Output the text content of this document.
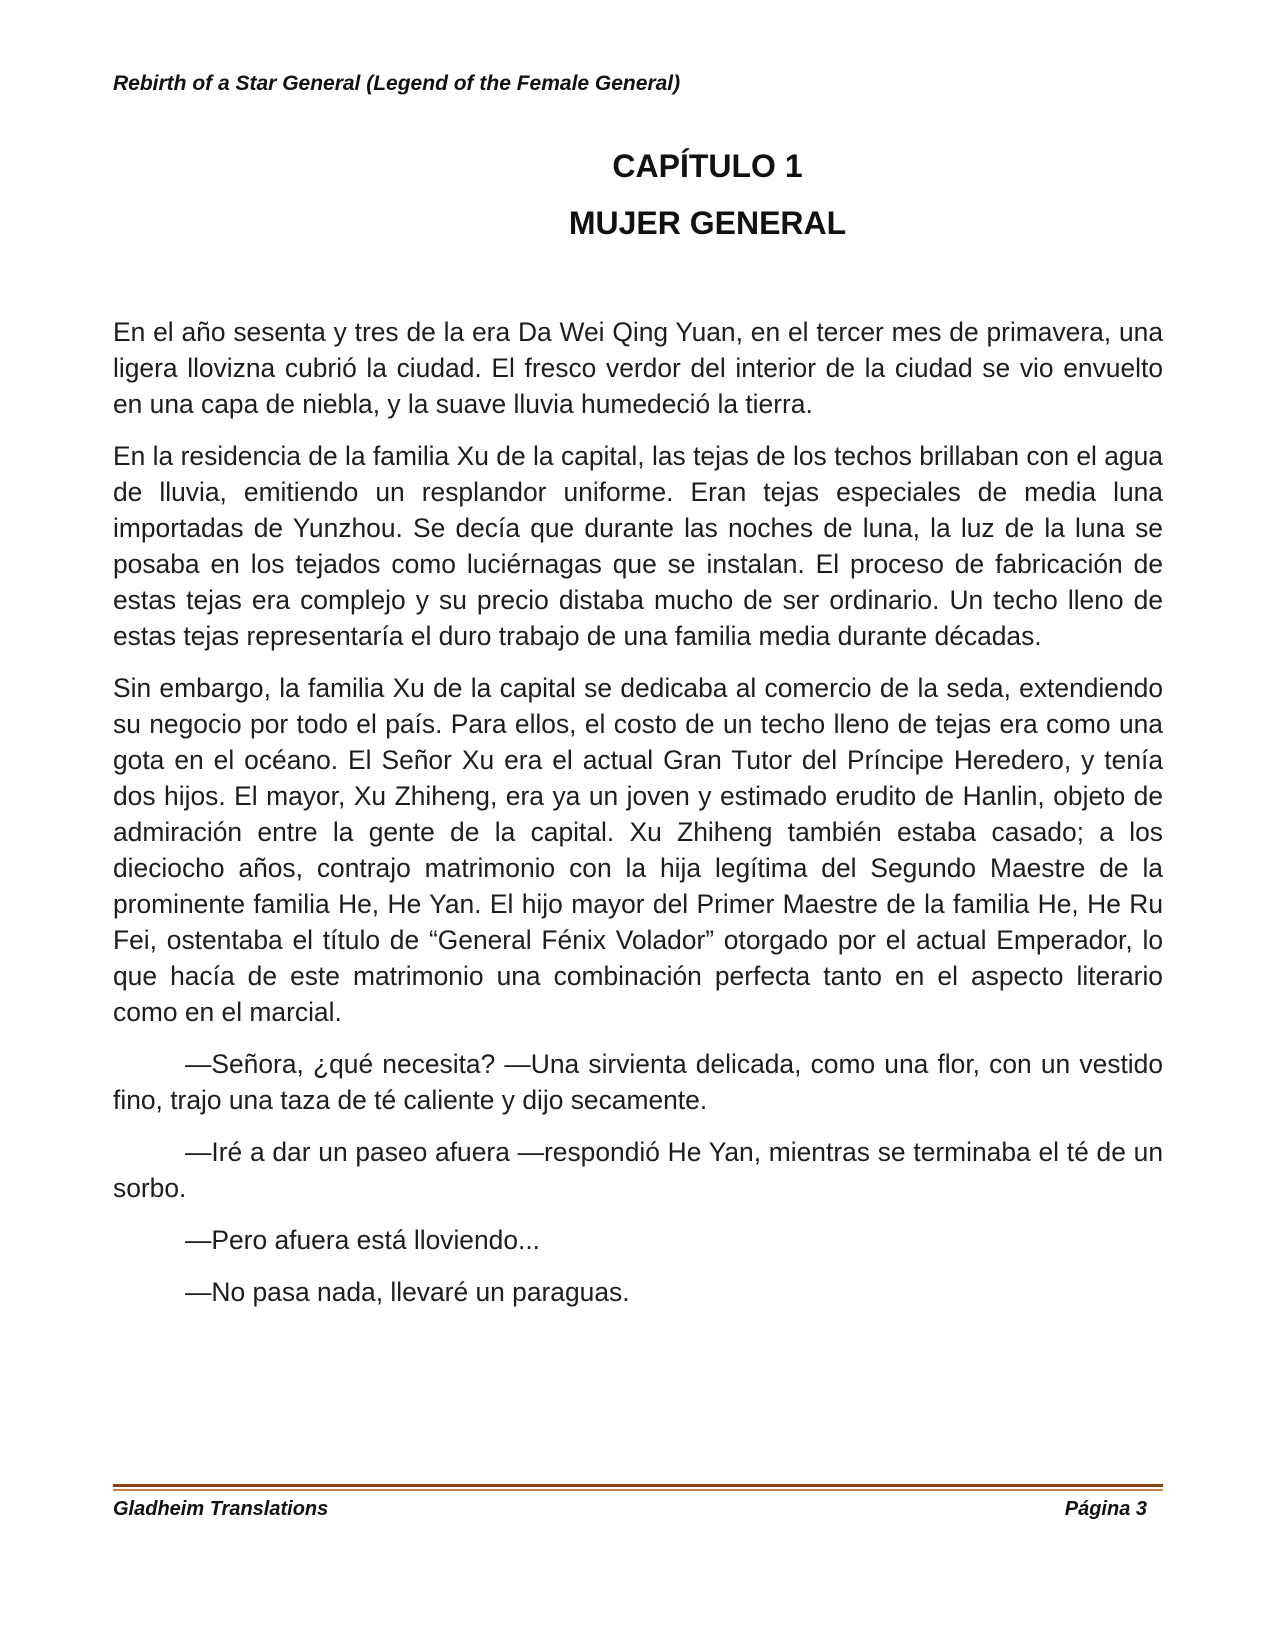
Rebirth of a Star General (Legend of the Female General)
CAPÍTULO 1
MUJER GENERAL

En el año sesenta y tres de la era Da Wei Qing Yuan, en el tercer mes de primavera, una ligera llovizna cubrió la ciudad. El fresco verdor del interior de la ciudad se vio envuelto en una capa de niebla, y la suave lluvia humedeció la tierra.

En la residencia de la familia Xu de la capital, las tejas de los techos brillaban con el agua de lluvia, emitiendo un resplandor uniforme. Eran tejas especiales de media luna importadas de Yunzhou. Se decía que durante las noches de luna, la luz de la luna se posaba en los tejados como luciérnagas que se instalan. El proceso de fabricación de estas tejas era complejo y su precio distaba mucho de ser ordinario. Un techo lleno de estas tejas representaría el duro trabajo de una familia media durante décadas.

Sin embargo, la familia Xu de la capital se dedicaba al comercio de la seda, extendiendo su negocio por todo el país. Para ellos, el costo de un techo lleno de tejas era como una gota en el océano. El Señor Xu era el actual Gran Tutor del Príncipe Heredero, y tenía dos hijos. El mayor, Xu Zhiheng, era ya un joven y estimado erudito de Hanlin, objeto de admiración entre la gente de la capital. Xu Zhiheng también estaba casado; a los dieciocho años, contrajo matrimonio con la hija legítima del Segundo Maestre de la prominente familia He, He Yan. El hijo mayor del Primer Maestre de la familia He, He Ru Fei, ostentaba el título de “General Fénix Volador” otorgado por el actual Emperador, lo que hacía de este matrimonio una combinación perfecta tanto en el aspecto literario como en el marcial.

—Señora, ¿qué necesita? —Una sirvienta delicada, como una flor, con un vestido fino, trajo una taza de té caliente y dijo secamente.

—Iré a dar un paseo afuera —respondió He Yan, mientras se terminaba el té de un sorbo.

—Pero afuera está lloviendo...

—No pasa nada, llevaré un paraguas.

Gladheim Translations	Página 3
